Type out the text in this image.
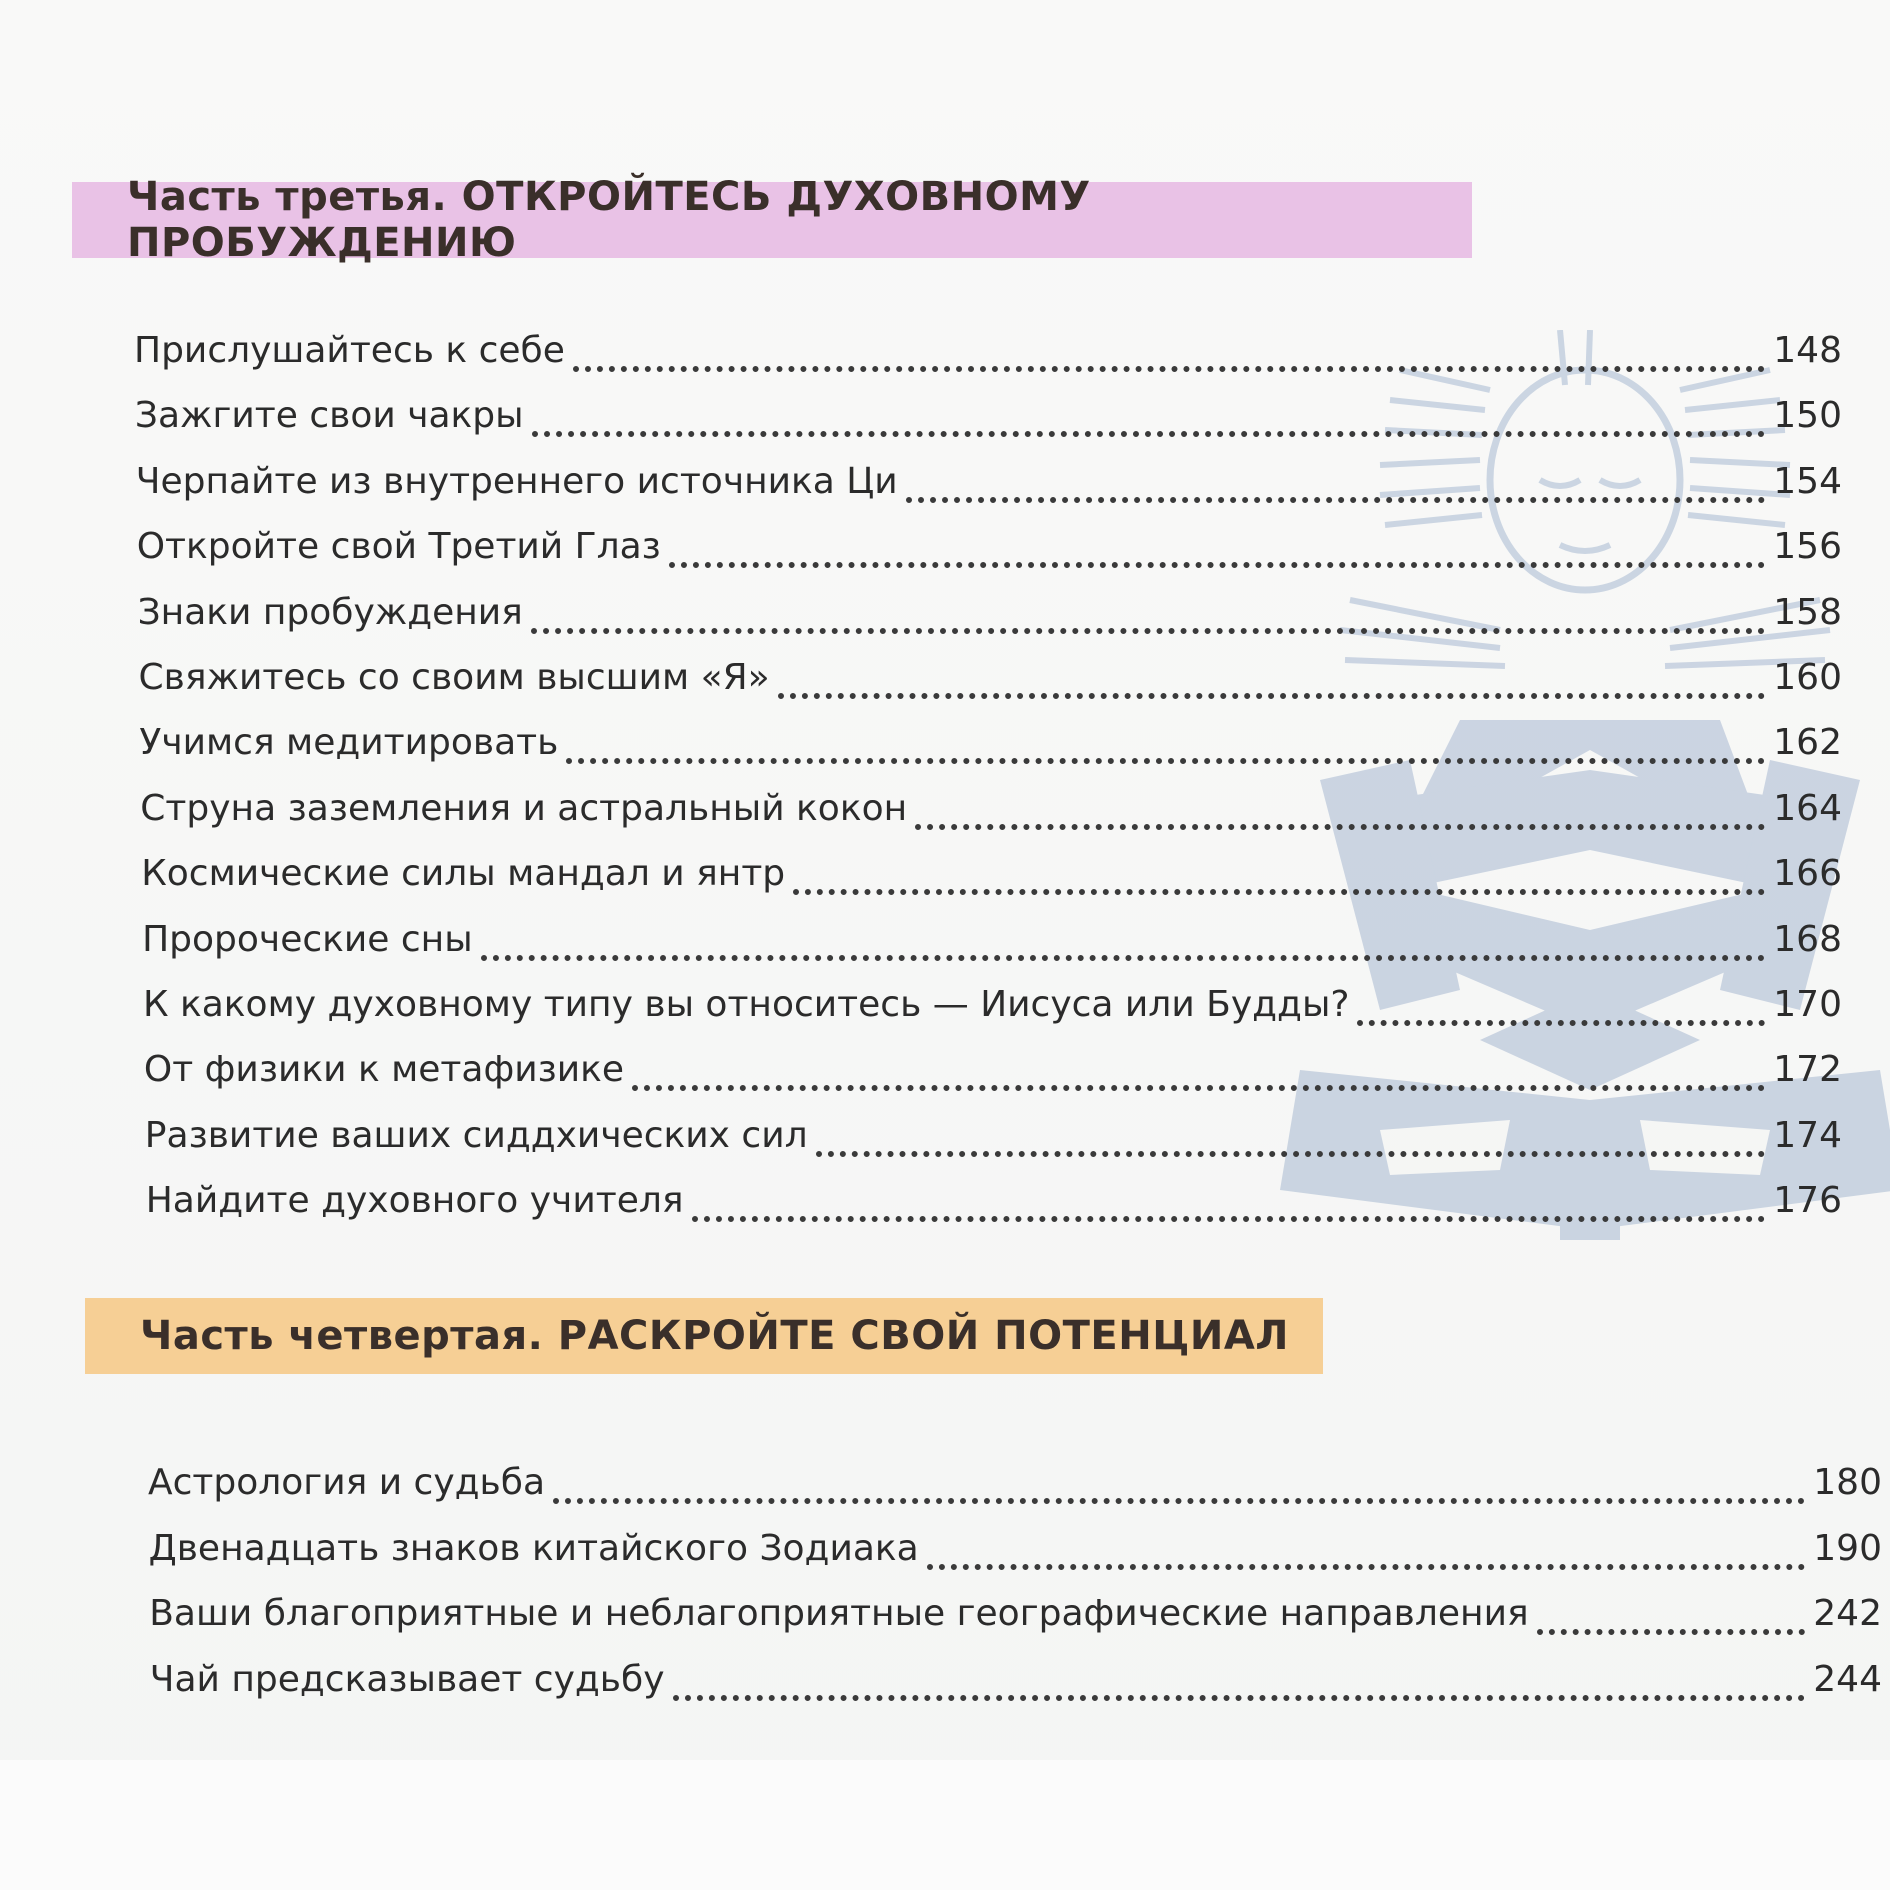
Часть третья. ОТКРОЙТЕСЬ ДУХОВНОМУ ПРОБУЖДЕНИЮ
Прислушайтесь к себе	148
Зажгите свои чакры	150
Черпайте из внутреннего источника Ци	154
Откройте свой Третий Глаз	156
Знаки пробуждения	158
Свяжитесь со своим высшим «Я»	160
Учимся медитировать	162
Струна заземления и астральный кокон	164
Космические силы мандал и янтр	166
Пророческие сны	168
К какому духовному типу вы относитесь — Иисуса или Будды?	170
От физики к метафизике	172
Развитие ваших сиддхических сил	174
Найдите духовного учителя	176
Часть четвертая. РАСКРОЙТЕ СВОЙ ПОТЕНЦИАЛ
Астрология и судьба	180
Двенадцать знаков китайского Зодиака	190
Ваши благоприятные и неблагоприятные географические направления	242
Чай предсказывает судьбу	244
